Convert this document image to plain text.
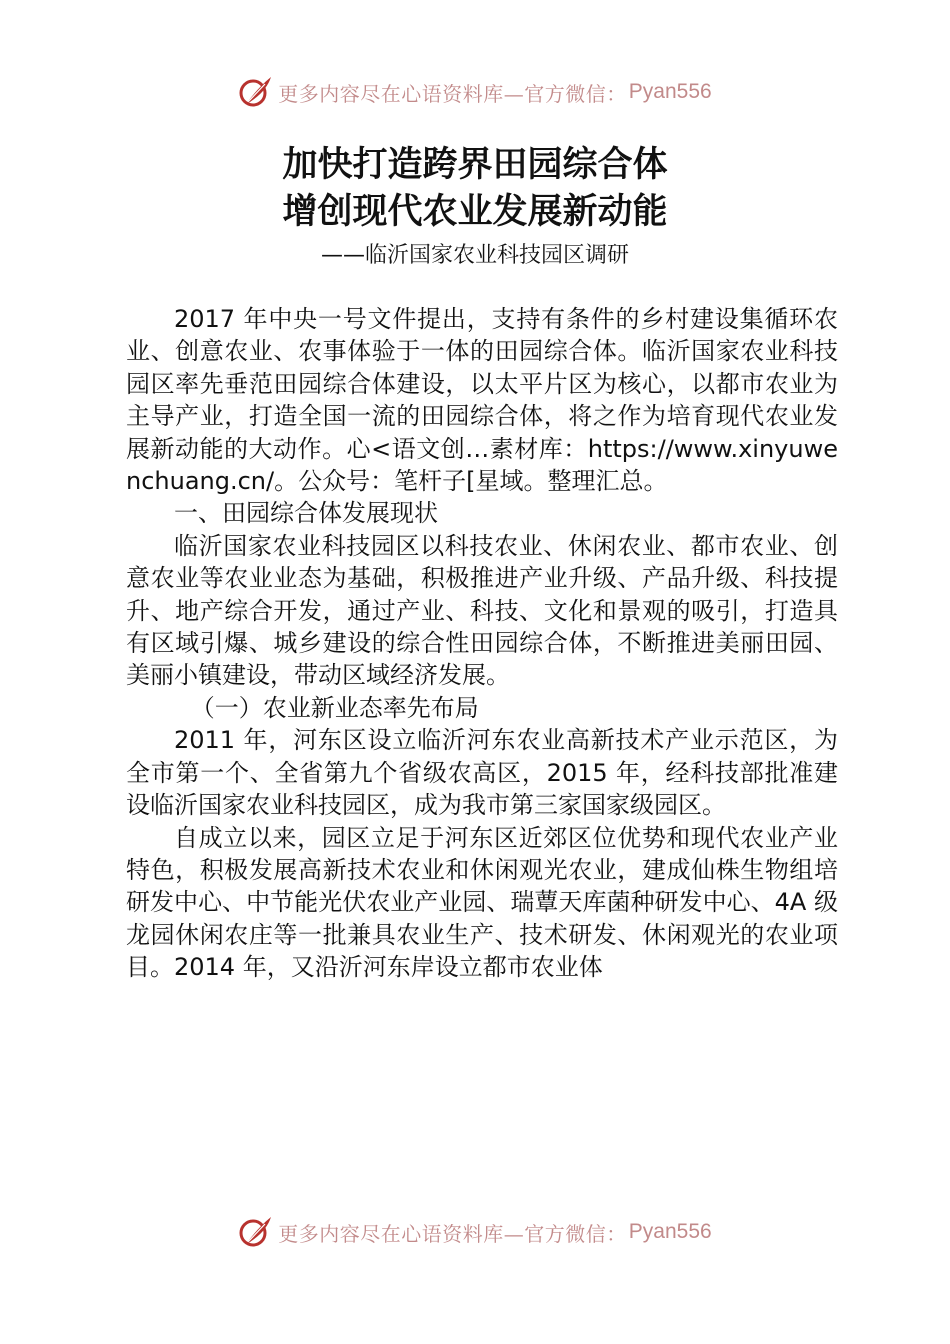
更多内容尽在心语资料库—官方微信： Pyan556
加快打造跨界田园综合体
增创现代农业发展新动能

——临沂国家农业科技园区调研

2017 年中央一号文件提出，支持有条件的乡村建设集循环农业、创意农业、农事体验于一体的田园综合体。临沂国家农业科技园区率先垂范田园综合体建设，以太平片区为核心，以都市农业为主导产业，打造全国一流的田园综合体，将之作为培育现代农业发展新动能的大动作。心<语文创…素材库：https://www.xinyuwenchuang.cn/。公众号：笔杆子[星域。整理汇总。

一、田园综合体发展现状

临沂国家农业科技园区以科技农业、休闲农业、都市农业、创意农业等农业业态为基础，积极推进产业升级、产品升级、科技提升、地产综合开发，通过产业、科技、文化和景观的吸引，打造具有区域引爆、城乡建设的综合性田园综合体，不断推进美丽田园、美丽小镇建设，带动区域经济发展。

（一）农业新业态率先布局

2011 年，河东区设立临沂河东农业高新技术产业示范区，为全市第一个、全省第九个省级农高区，2015 年，经科技部批准建设临沂国家农业科技园区，成为我市第三家国家级园区。

自成立以来，园区立足于河东区近郊区位优势和现代农业产业特色，积极发展高新技术农业和休闲观光农业，建成仙株生物组培研发中心、中节能光伏农业产业园、瑞蕈天库菌种研发中心、4A 级龙园休闲农庄等一批兼具农业生产、技术研发、休闲观光的农业项目。2014 年，又沿沂河东岸设立都市农业体

更多内容尽在心语资料库—官方微信： Pyan556
